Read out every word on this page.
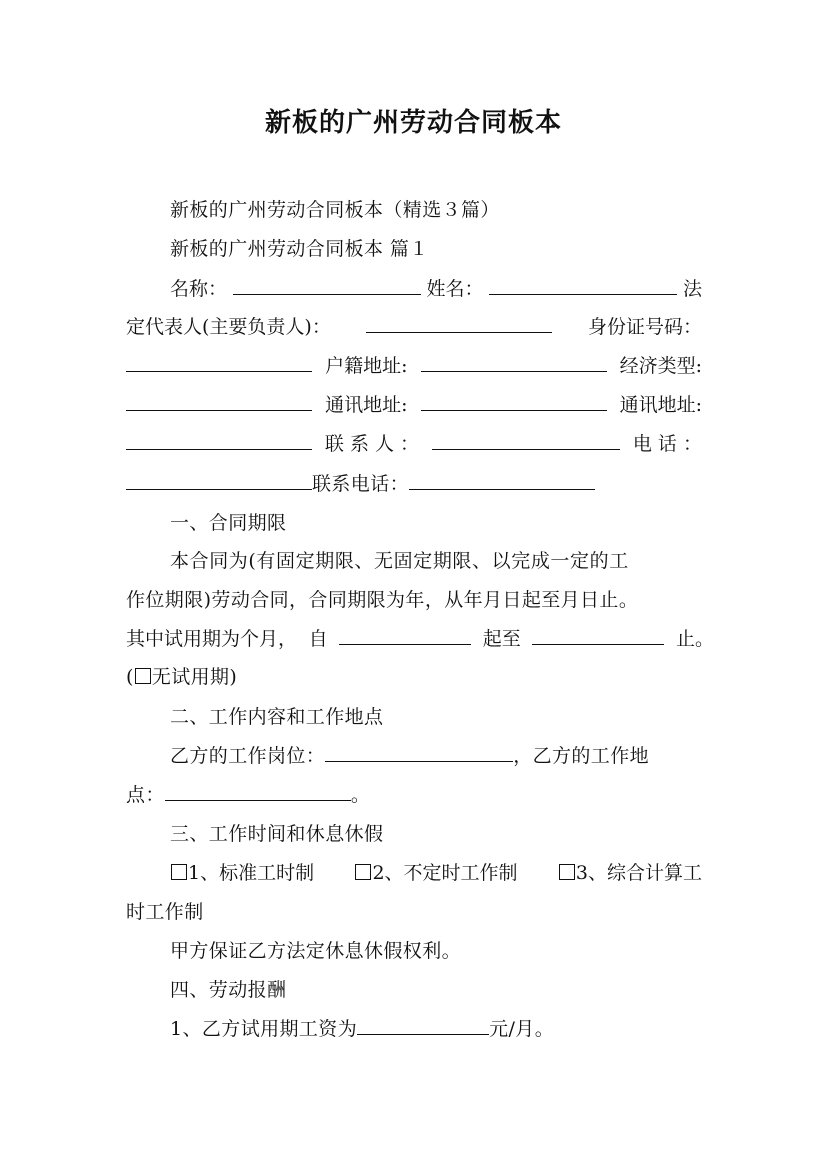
新板的广州劳动合同板本
新板的广州劳动合同板本（精选３篇）
新板的广州劳动合同板本 篇１
名称：	姓名：	法
定代表人(主要负责人)：	身份证号码：
户籍地址:	经济类型:
通讯地址:	通讯地址:
联 系 人 ：	电 话 ：
联系电话：
一、合同期限
本合同为(有固定期限、无固定期限、以完成一定的工
作位期限)劳动合同，合同期限为年，从年月日起至月日止。
其中试用期为个月， 自	起至	止。
( 无试用期)
二、工作内容和工作地点
乙方的工作岗位：	，乙方的工作地
点：	。
三、工作时间和休息休假
1、标准工时制	2、不定时工作制	3、综合计算工
时工作制
甲方保证乙方法定休息休假权利。
四、劳动报酬
1、乙方试用期工资为	元/月。
